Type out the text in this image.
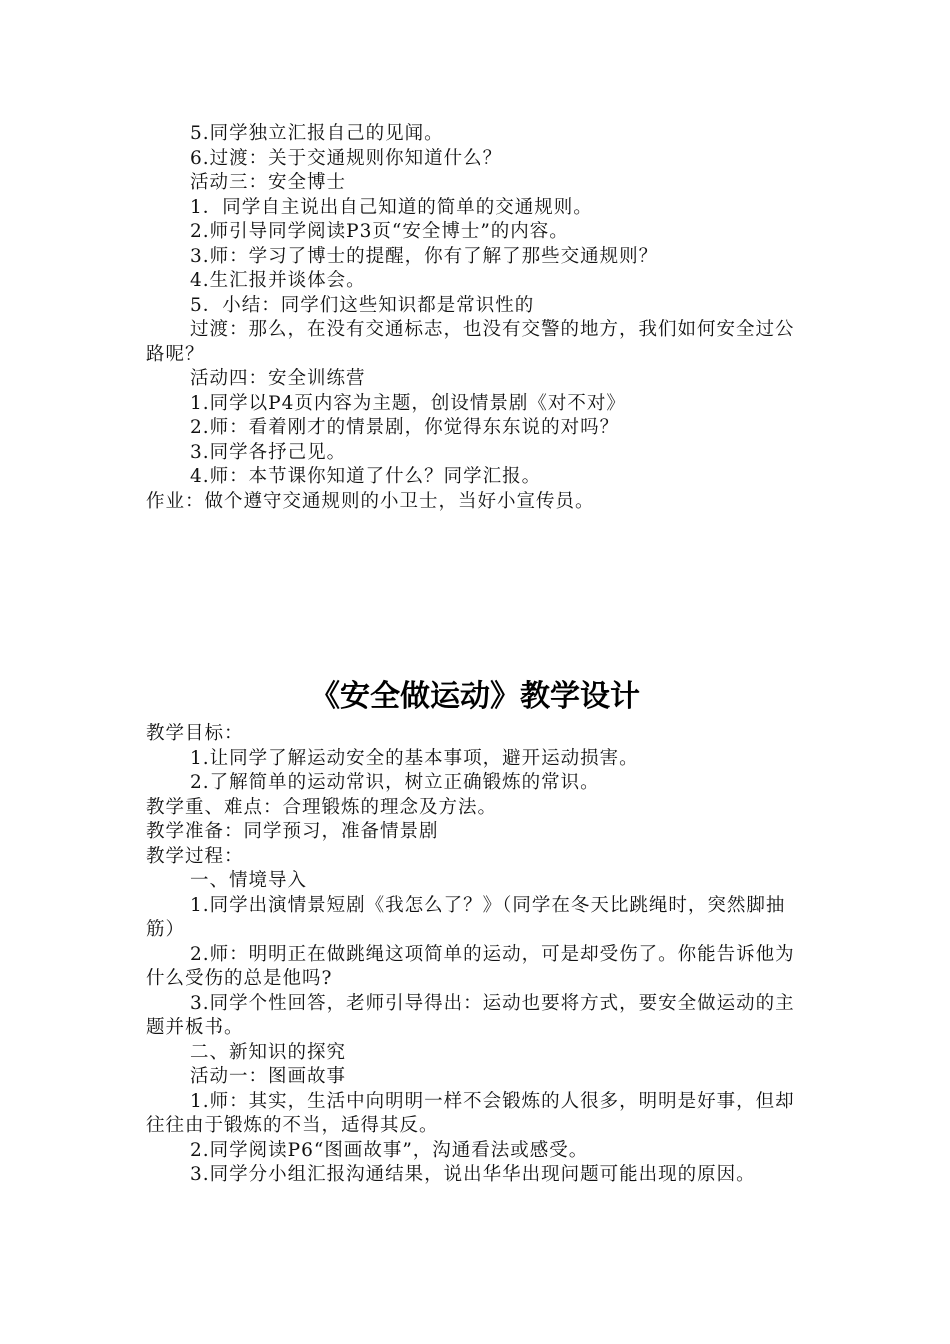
5.同学独立汇报自己的见闻。

6.过渡：关于交通规则你知道什么？

活动三：安全博士

1．同学自主说出自己知道的简单的交通规则。

2.师引导同学阅读P3页“安全博士”的内容。

3.师：学习了博士的提醒，你有了解了那些交通规则？

4.生汇报并谈体会。

5．小结：同学们这些知识都是常识性的

过渡：那么，在没有交通标志，也没有交警的地方，我们如何安全过公路呢？

活动四：安全训练营

1.同学以P4页内容为主题，创设情景剧《对不对》

2.师：看着刚才的情景剧，你觉得东东说的对吗？

3.同学各抒己见。

4.师：本节课你知道了什么？同学汇报。

作业：做个遵守交通规则的小卫士，当好小宣传员。

《安全做运动》教学设计

教学目标：

1.让同学了解运动安全的基本事项，避开运动损害。

2.了解简单的运动常识，树立正确锻炼的常识。

教学重、难点：合理锻炼的理念及方法。

教学准备：同学预习，准备情景剧

教学过程：

一、情境导入

1.同学出演情景短剧《我怎么了？》（同学在冬天比跳绳时，突然脚抽筋）

2.师：明明正在做跳绳这项简单的运动，可是却受伤了。你能告诉他为什么受伤的总是他吗?

3.同学个性回答，老师引导得出：运动也要将方式，要安全做运动的主题并板书。

二、新知识的探究

活动一：图画故事

1.师：其实，生活中向明明一样不会锻炼的人很多，明明是好事，但却往往由于锻炼的不当，适得其反。

2.同学阅读P6“图画故事”，沟通看法或感受。

3.同学分小组汇报沟通结果，说出华华出现问题可能出现的原因。
